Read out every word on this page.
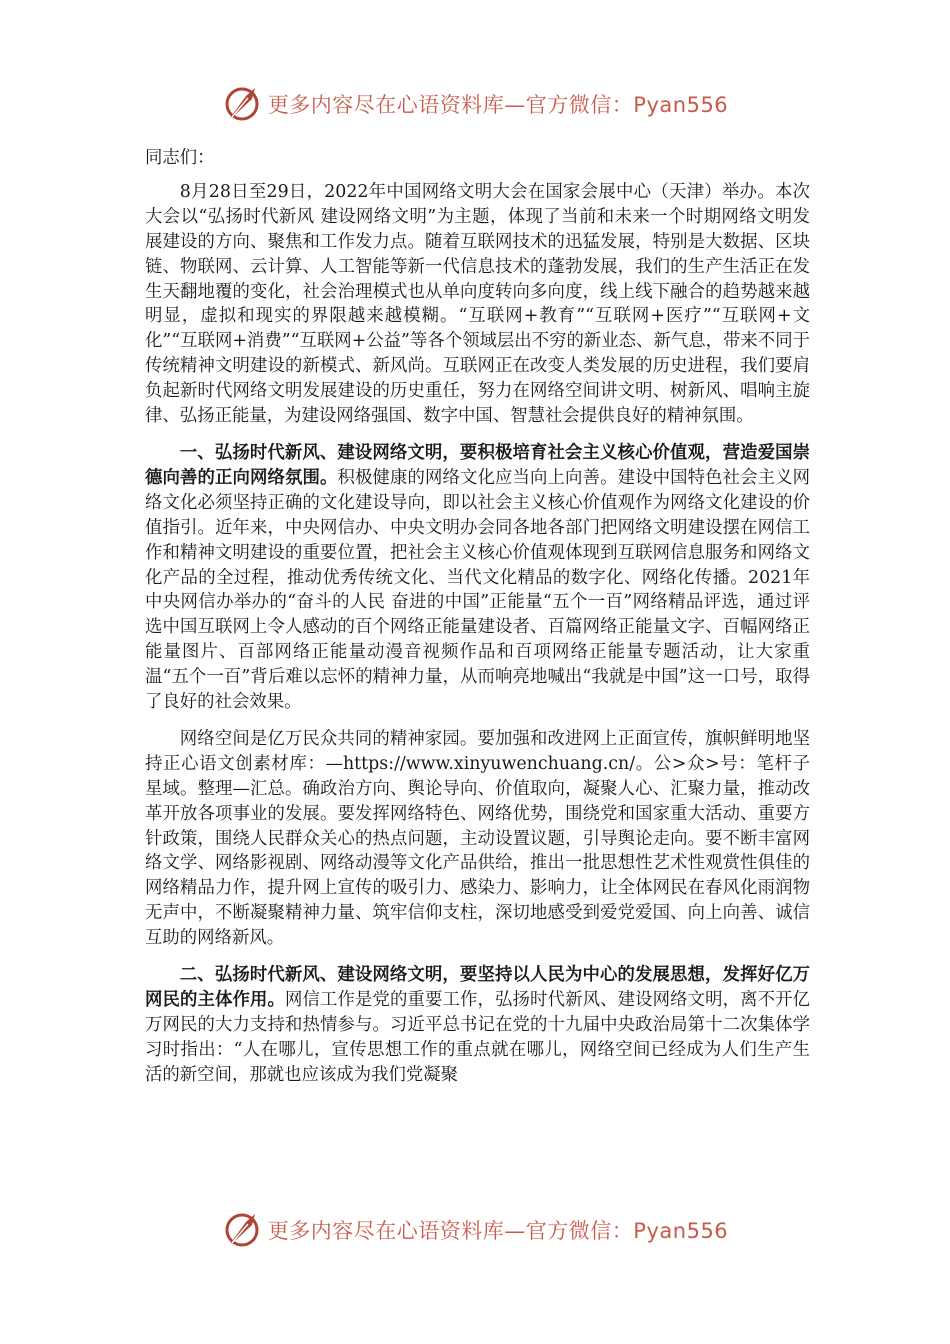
更多内容尽在心语资料库—官方微信：Pyan556

同志们：

8月28日至29日，2022年中国网络文明大会在国家会展中心（天津）举办。本次大会以“弘扬时代新风 建设网络文明”为主题，体现了当前和未来一个时期网络文明发展建设的方向、聚焦和工作发力点。随着互联网技术的迅猛发展，特别是大数据、区块链、物联网、云计算、人工智能等新一代信息技术的蓬勃发展，我们的生产生活正在发生天翻地覆的变化，社会治理模式也从单向度转向多向度，线上线下融合的趋势越来越明显，虚拟和现实的界限越来越模糊。“互联网+教育”“互联网+医疗”“互联网+文化”“互联网+消费”“互联网+公益”等各个领域层出不穷的新业态、新气息，带来不同于传统精神文明建设的新模式、新风尚。互联网正在改变人类发展的历史进程，我们要肩负起新时代网络文明发展建设的历史重任，努力在网络空间讲文明、树新风、唱响主旋律、弘扬正能量，为建设网络强国、数字中国、智慧社会提供良好的精神氛围。

一、弘扬时代新风、建设网络文明，要积极培育社会主义核心价值观，营造爱国崇德向善的正向网络氛围。积极健康的网络文化应当向上向善。建设中国特色社会主义网络文化必须坚持正确的文化建设导向，即以社会主义核心价值观作为网络文化建设的价值指引。近年来，中央网信办、中央文明办会同各地各部门把网络文明建设摆在网信工作和精神文明建设的重要位置，把社会主义核心价值观体现到互联网信息服务和网络文化产品的全过程，推动优秀传统文化、当代文化精品的数字化、网络化传播。2021年中央网信办举办的“奋斗的人民 奋进的中国”正能量“五个一百”网络精品评选，通过评选中国互联网上令人感动的百个网络正能量建设者、百篇网络正能量文字、百幅网络正能量图片、百部网络正能量动漫音视频作品和百项网络正能量专题活动，让大家重温“五个一百”背后难以忘怀的精神力量，从而响亮地喊出“我就是中国”这一口号，取得了良好的社会效果。

网络空间是亿万民众共同的精神家园。要加强和改进网上正面宣传，旗帜鲜明地坚持正心语文创素材库：—https://www.xinyuwenchuang.cn/。公>众>号：笔杆子星域。整理—汇总。确政治方向、舆论导向、价值取向，凝聚人心、汇聚力量，推动改革开放各项事业的发展。要发挥网络特色、网络优势，围绕党和国家重大活动、重要方针政策，围绕人民群众关心的热点问题，主动设置议题，引导舆论走向。要不断丰富网络文学、网络影视剧、网络动漫等文化产品供给，推出一批思想性艺术性观赏性俱佳的网络精品力作，提升网上宣传的吸引力、感染力、影响力，让全体网民在春风化雨润物无声中，不断凝聚精神力量、筑牢信仰支柱，深切地感受到爱党爱国、向上向善、诚信互助的网络新风。

二、弘扬时代新风、建设网络文明，要坚持以人民为中心的发展思想，发挥好亿万网民的主体作用。网信工作是党的重要工作，弘扬时代新风、建设网络文明，离不开亿万网民的大力支持和热情参与。习近平总书记在党的十九届中央政治局第十二次集体学习时指出：“人在哪儿，宣传思想工作的重点就在哪儿，网络空间已经成为人们生产生活的新空间，那就也应该成为我们党凝聚

更多内容尽在心语资料库—官方微信：Pyan556
